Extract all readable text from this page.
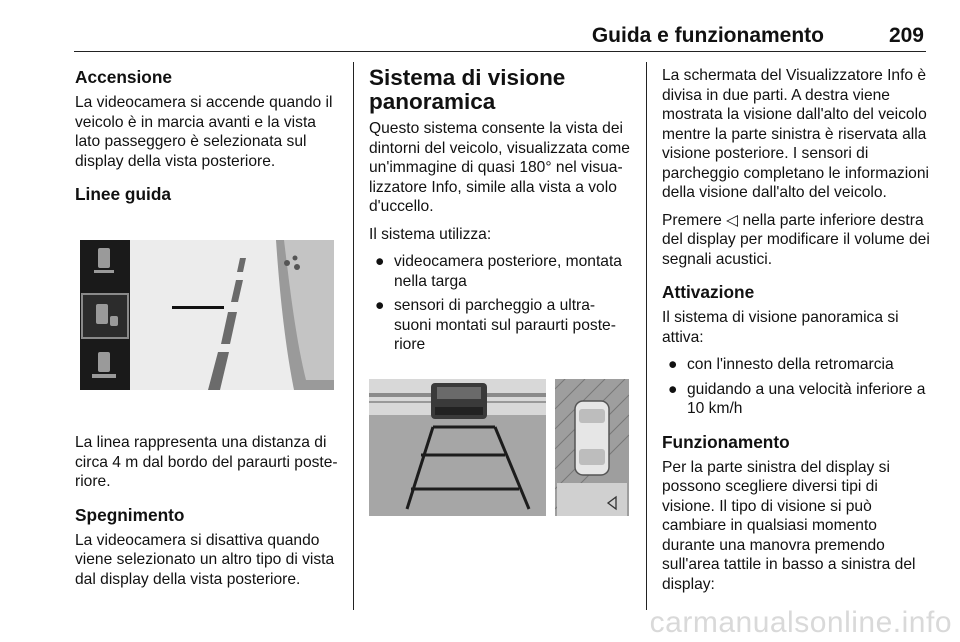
Guida e funzionamento	209
Accensione

La videocamera si accende quando il veicolo è in marcia avanti e la vista lato passeggero è selezionata sul display della vista posteriore.

Linee guida

La linea rappresenta una distanza di circa 4 m dal bordo del paraurti poste- riore.

Spegnimento

La videocamera si disattiva quando viene selezionato un altro tipo di vista dal display della vista posteriore.

Sistema di visione panoramica

Questo sistema consente la vista dei dintorni del veicolo, visualizzata come un'immagine di quasi 180° nel visua- lizzatore Info, simile alla vista a volo d'uccello.

Il sistema utilizza:

● videocamera posteriore, montata nella targa
● sensori di parcheggio a ultra- suoni montati sul paraurti poste- riore

La schermata del Visualizzatore Info è divisa in due parti. A destra viene mostrata la visione dall'alto del veicolo mentre la parte sinistra è riservata alla visione posteriore. I sensori di parcheggio completano le informazioni della visione dall'alto del veicolo.

Premere ◁ nella parte inferiore destra del display per modificare il volume dei segnali acustici.

Attivazione

Il sistema di visione panoramica si attiva:

● con l'innesto della retromarcia
● guidando a una velocità inferiore a 10 km/h
Funzionamento

Per la parte sinistra del display si possono scegliere diversi tipi di visione. Il tipo di visione si può cambiare in qualsiasi momento durante una manovra premendo sull'area tattile in basso a sinistra del display:

carmanualsonline.info
